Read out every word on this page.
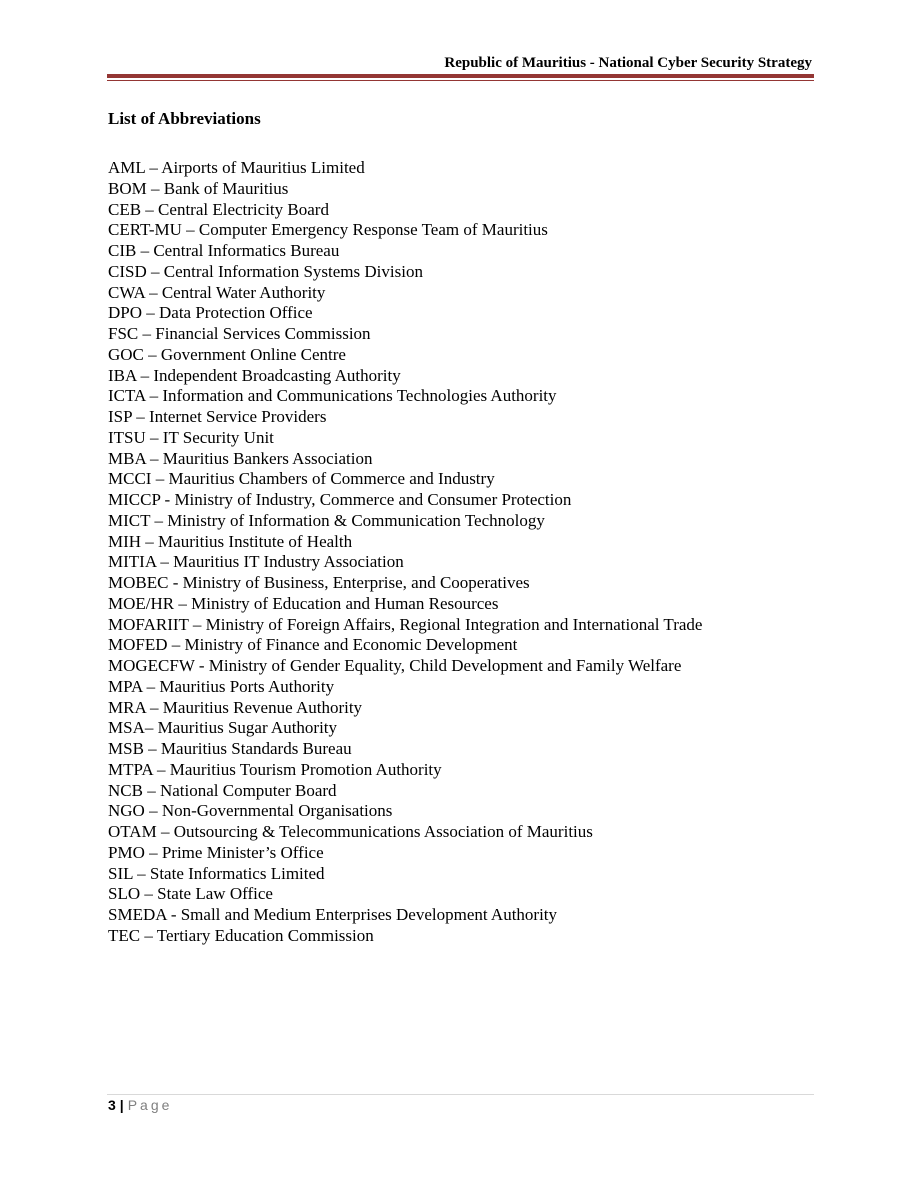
Republic of Mauritius - National Cyber Security Strategy
List of Abbreviations
AML – Airports of Mauritius Limited
BOM – Bank of Mauritius
CEB – Central Electricity Board
CERT-MU – Computer Emergency Response Team of Mauritius
CIB – Central Informatics Bureau
CISD – Central Information Systems Division
CWA – Central Water Authority
DPO – Data Protection Office
FSC – Financial Services Commission
GOC – Government Online Centre
IBA – Independent Broadcasting Authority
ICTA – Information and Communications Technologies Authority
ISP – Internet Service Providers
ITSU – IT Security Unit
MBA – Mauritius Bankers Association
MCCI – Mauritius Chambers of Commerce and Industry
MICCP - Ministry of Industry, Commerce and Consumer Protection
MICT – Ministry of Information & Communication Technology
MIH – Mauritius Institute of Health
MITIA – Mauritius IT Industry Association
MOBEC - Ministry of Business, Enterprise, and Cooperatives
MOE/HR – Ministry of Education and Human Resources
MOFARIIT – Ministry of Foreign Affairs, Regional Integration and International Trade
MOFED – Ministry of Finance and Economic Development
MOGECFW - Ministry of Gender Equality, Child Development and Family Welfare
MPA – Mauritius Ports Authority
MRA – Mauritius Revenue Authority
MSA– Mauritius Sugar Authority
MSB – Mauritius Standards Bureau
MTPA – Mauritius Tourism Promotion Authority
NCB – National Computer Board
NGO – Non-Governmental Organisations
OTAM – Outsourcing & Telecommunications Association of Mauritius
PMO – Prime Minister’s Office
SIL – State Informatics Limited
SLO – State Law Office
SMEDA - Small and Medium Enterprises Development Authority
TEC – Tertiary Education Commission
3 | Page
